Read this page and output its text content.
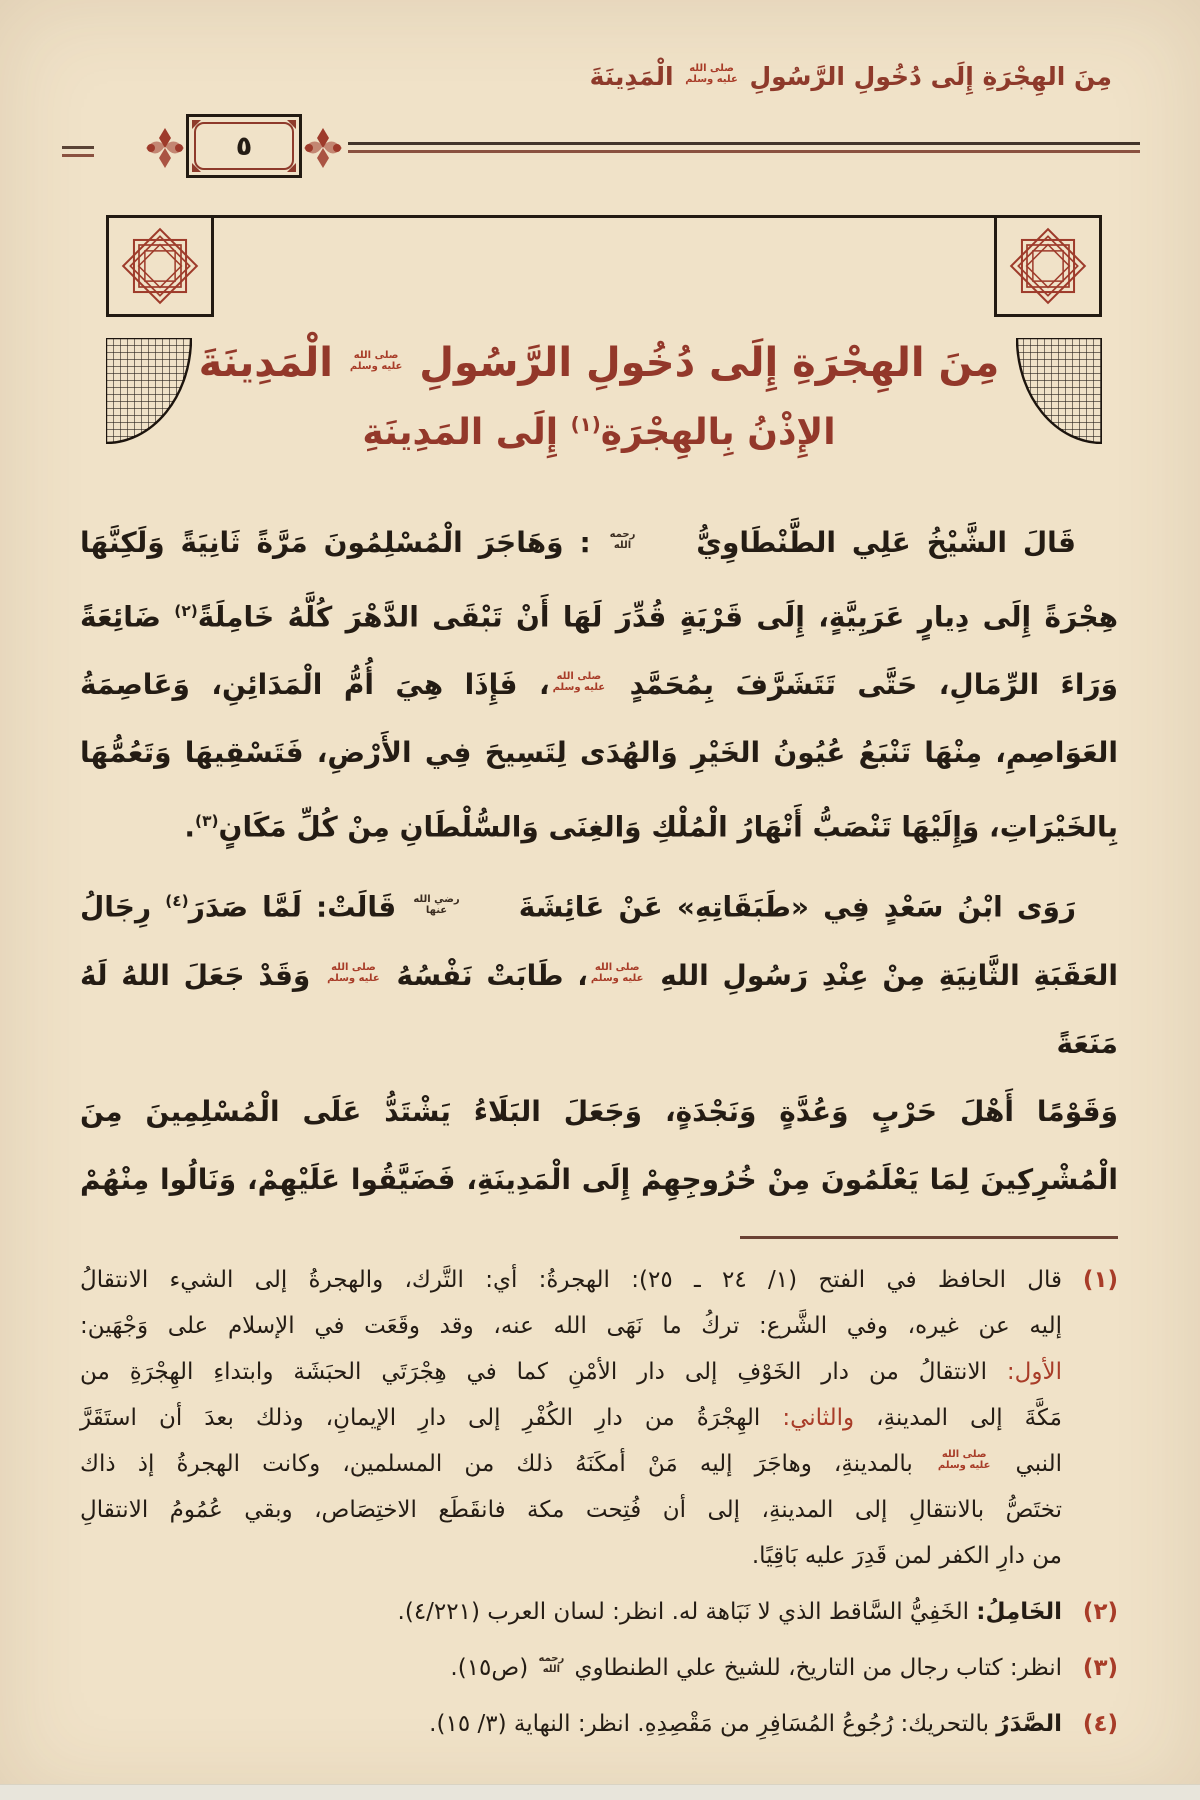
مِنَ الهِجْرَةِ إِلَى دُخُولِ الرَّسُولِ
صلى الله
عليه وسلم
الْمَدِينَةَ
٥
مِنَ الهِجْرَةِ إِلَى دُخُولِ الرَّسُولِ
صلى الله
عليه وسلم
الْمَدِينَةَ
الإِذْنُ بِالهِجْرَةِ$^{(١)}$ إِلَى المَدِينَةِ
قَالَ الشَّيْخُ عَلِي الطَّنْطَاوِيُّ
رحمه
الله
: وَهَاجَرَ الْمُسْلِمُونَ مَرَّةً ثَانِيَةً وَلَكِنَّهَا
هِجْرَةً إِلَى دِيارٍ عَرَبِيَّةٍ، إِلَى قَرْيَةٍ قُدِّرَ لَهَا أَنْ تَبْقَى الدَّهْرَ كُلَّهُ خَامِلَةً$^{(٢)}$ ضَائِعَةً
وَرَاءَ الرِّمَالِ، حَتَّى تَتَشَرَّفَ بِمُحَمَّدٍ
صلى الله
عليه وسلم
، فَإِذَا هِيَ أُمُّ الْمَدَائِنِ، وَعَاصِمَةُ
العَوَاصِمِ، مِنْهَا تَنْبَعُ عُيُونُ الخَيْرِ وَالهُدَى لِتَسِيحَ فِي الأَرْضِ، فَتَسْقِيهَا وَتَعُمُّهَا
بِالخَيْرَاتِ، وَإِلَيْهَا تَنْصَبُّ أَنْهَارُ الْمُلْكِ وَالغِنَى وَالسُّلْطَانِ مِنْ كُلِّ مَكَانٍ$^{(٣)}$.
رَوَى ابْنُ سَعْدٍ فِي «طَبَقَاتِهِ» عَنْ عَائِشَةَ
رضي الله
عنها
قَالَتْ: لَمَّا صَدَرَ$^{(٤)}$ رِجَالُ
العَقَبَةِ الثَّانِيَةِ مِنْ عِنْدِ رَسُولِ اللهِ
صلى الله
عليه وسلم
، طَابَتْ نَفْسُهُ
صلى الله
عليه وسلم
وَقَدْ جَعَلَ اللهُ لَهُ مَنَعَةً
وَقَوْمًا أَهْلَ حَرْبٍ وَعُدَّةٍ وَنَجْدَةٍ، وَجَعَلَ البَلَاءُ يَشْتَدُّ عَلَى الْمُسْلِمِينَ مِنَ
الْمُشْرِكِينَ لِمَا يَعْلَمُونَ مِنْ خُرُوجِهِمْ إِلَى الْمَدِينَةِ، فَضَيَّقُوا عَلَيْهِمْ، وَنَالُوا مِنْهُمْ
(١)
قال الحافظ في الفتح (١/ ٢٤ ـ ٢٥): الهجرةُ: أي: التَّرك، والهجرةُ إلى الشيء الانتقالُ
إليه عن غيره، وفي الشَّرع: تركُ ما نَهَى الله عنه، وقد وقَعَت في الإسلام على وَجْهَين:
الأول: الانتقالُ من دار الخَوْفِ إلى دار الأمْنِ كما في هِجْرَتَي الحبَشَة وابتداءِ الهِجْرَةِ من
مَكَّةَ إلى المدينةِ، والثاني: الهِجْرَةُ من دارِ الكُفْرِ إلى دارِ الإيمانِ، وذلك بعدَ أن استَقَرَّ
النبي
صلى الله
عليه وسلم
بالمدينةِ، وهاجَرَ إليه مَنْ أمكَنَهُ ذلك من المسلمين، وكانت الهجرةُ إذ ذاك
تختَصُّ بالانتقالِ إلى المدينةِ، إلى أن فُتِحت مكة فانقَطَع الاختِصَاص، وبقي عُمُومُ الانتقالِ
من دارِ الكفر لمن قَدِرَ عليه بَاقِيًا.
(٢)
الخَامِلُ: الخَفِيُّ السَّاقط الذي لا نَبَاهة له. انظر: لسان العرب (٤/٢٢١).
(٣)
انظر: كتاب رجال من التاريخ، للشيخ علي الطنطاوي
رحمه
الله
(ص١٥).
(٤)
الصَّدَرُ بالتحريك: رُجُوعُ المُسَافِرِ من مَقْصِدِهِ. انظر: النهاية (٣/ ١٥).
